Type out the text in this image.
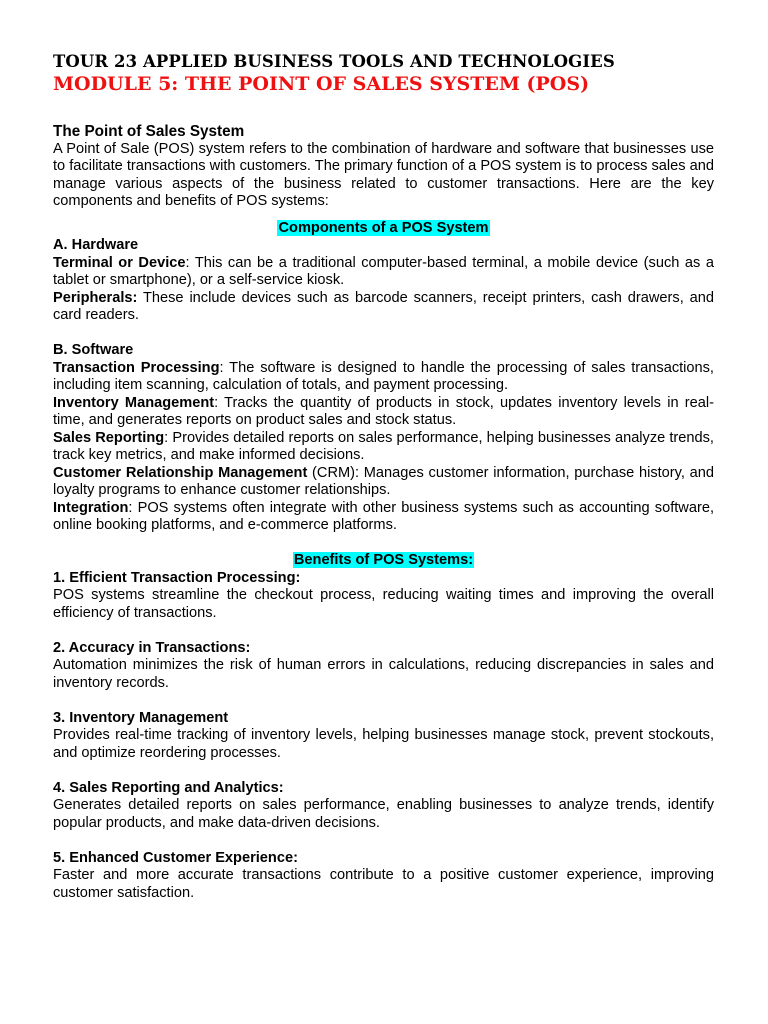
TOUR 23 APPLIED BUSINESS TOOLS AND TECHNOLOGIES
MODULE 5: THE POINT OF SALES SYSTEM (POS)
The Point of Sales System

A Point of Sale (POS) system refers to the combination of hardware and software that businesses use to facilitate transactions with customers. The primary function of a POS system is to process sales and manage various aspects of the business related to customer transactions. Here are the key components and benefits of POS systems:

Components of a POS System

A. Hardware

Terminal or Device: This can be a traditional computer-based terminal, a mobile device (such as a tablet or smartphone), or a self-service kiosk.

Peripherals: These include devices such as barcode scanners, receipt printers, cash drawers, and card readers.

B. Software

Transaction Processing: The software is designed to handle the processing of sales transactions, including item scanning, calculation of totals, and payment processing.

Inventory Management: Tracks the quantity of products in stock, updates inventory levels in real-time, and generates reports on product sales and stock status.

Sales Reporting: Provides detailed reports on sales performance, helping businesses analyze trends, track key metrics, and make informed decisions.

Customer Relationship Management (CRM): Manages customer information, purchase history, and loyalty programs to enhance customer relationships.

Integration: POS systems often integrate with other business systems such as accounting software, online booking platforms, and e-commerce platforms.

Benefits of POS Systems:

1. Efficient Transaction Processing:

POS systems streamline the checkout process, reducing waiting times and improving the overall efficiency of transactions.

2. Accuracy in Transactions:

Automation minimizes the risk of human errors in calculations, reducing discrepancies in sales and inventory records.

3. Inventory Management

Provides real-time tracking of inventory levels, helping businesses manage stock, prevent stockouts, and optimize reordering processes.

4. Sales Reporting and Analytics:

Generates detailed reports on sales performance, enabling businesses to analyze trends, identify popular products, and make data-driven decisions.

5. Enhanced Customer Experience:

Faster and more accurate transactions contribute to a positive customer experience, improving customer satisfaction.
